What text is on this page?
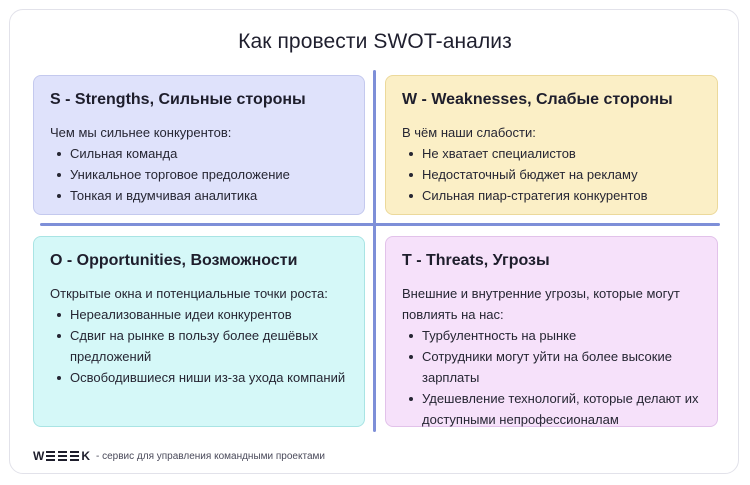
Как провести SWOT-анализ
S - Strengths, Сильные стороны

Чем мы сильнее конкурентов:

Сильная команда
Уникальное торговое предоложение
Тонкая и вдумчивая аналитика
W - Weaknesses, Слабые стороны

В чём наши слабости:

Не хватает специалистов
Недостаточный бюджет на рекламу
Сильная пиар-стратегия конкурентов
O - Opportunities, Возможности

Открытые окна и потенциальные точки роста:

Нереализованные идеи конкурентов
Сдвиг на рынке в пользу более дешёвых предложений
Освободившиеся ниши из-за ухода компаний
T - Threats, Угрозы

Внешние и внутренние угрозы, которые могут повлиять на нас:

Турбулентность на рынке
Сотрудники могут уйти на более высокие зарплаты
Удешевление технологий, которые делают их доступными непрофессионалам
W	K - сервис для управления командными проектами
